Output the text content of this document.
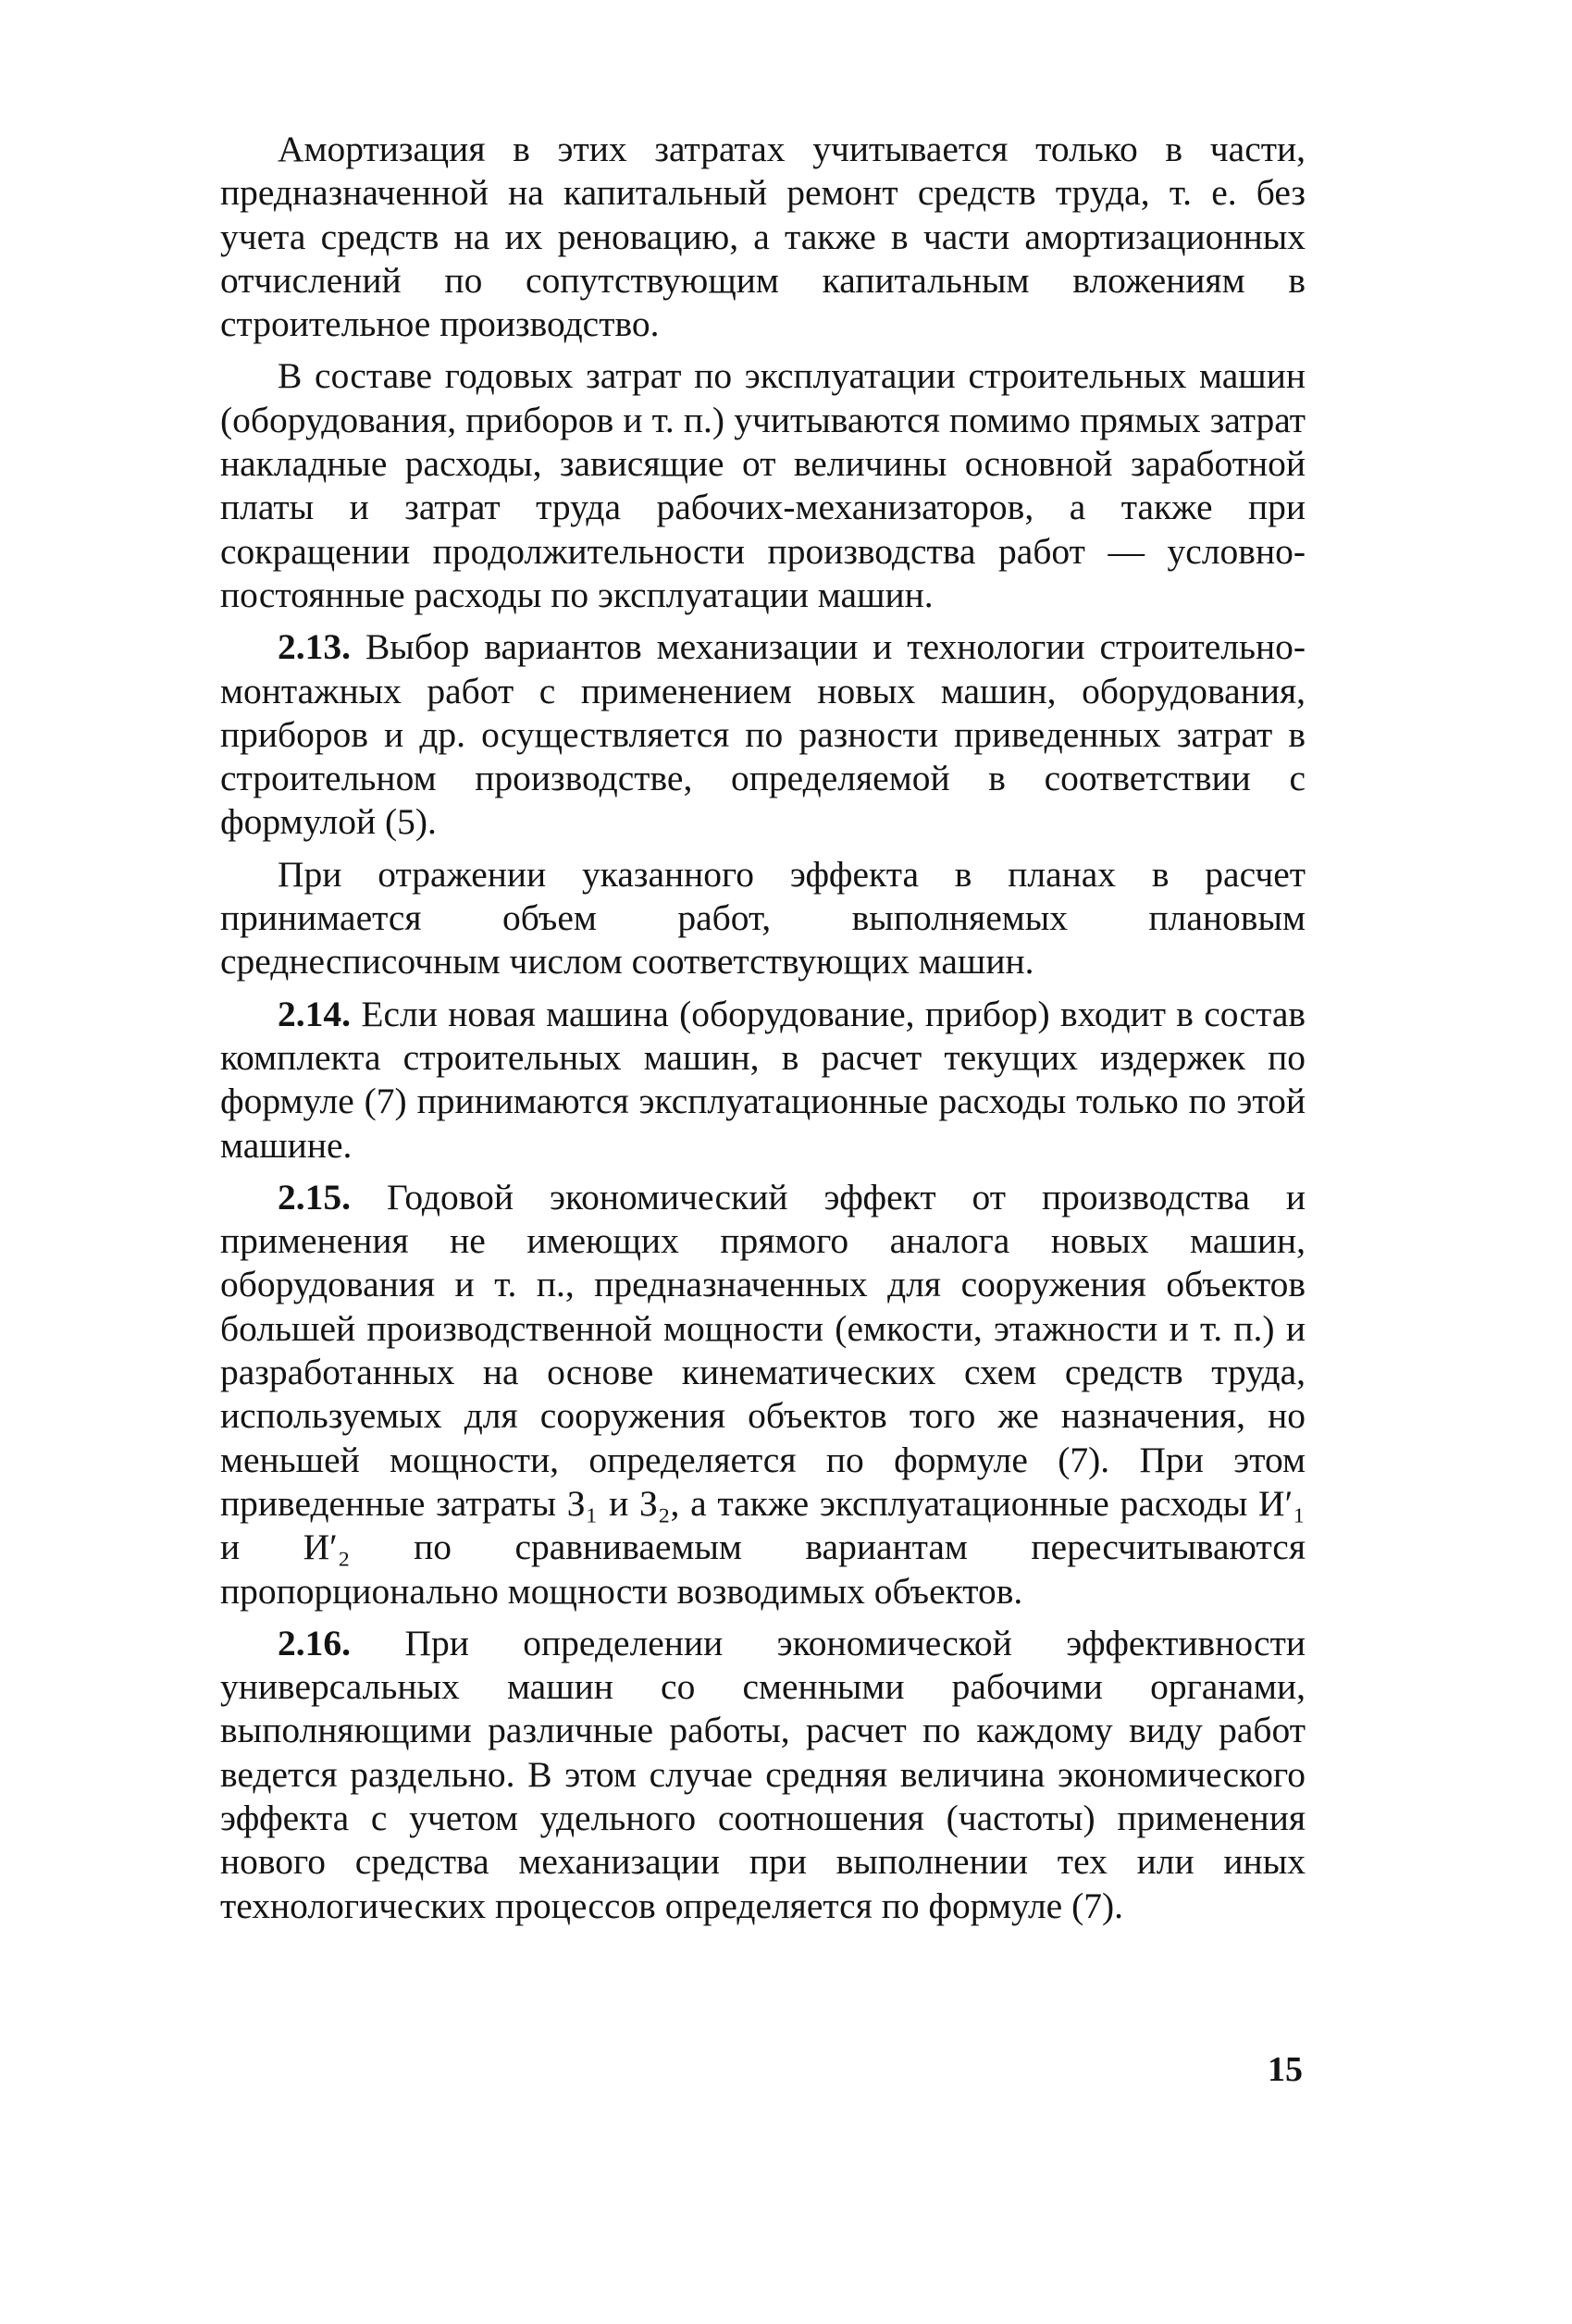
Амортизация в этих затратах учитывается только в части, предназначенной на капитальный ремонт средств труда, т. е. без учета средств на их реновацию, а также в части амортизационных отчислений по сопутствующим капитальным вложениям в строительное производство.

В составе годовых затрат по эксплуатации строительных машин (оборудования, приборов и т. п.) учитываются помимо прямых затрат накладные расходы, зависящие от величины основной заработной платы и затрат труда рабочих-механизаторов, а также при сокращении продолжительности производства работ — условно-постоянные расходы по эксплуатации машин.

2.13. Выбор вариантов механизации и технологии строительно-монтажных работ с применением новых машин, оборудования, приборов и др. осуществляется по разности приведенных затрат в строительном производстве, определяемой в соответствии с формулой (5).

При отражении указанного эффекта в планах в расчет принимается объем работ, выполняемых плановым среднесписочным числом соответствующих машин.

2.14. Если новая машина (оборудование, прибор) входит в состав комплекта строительных машин, в расчет текущих издержек по формуле (7) принимаются эксплуатационные расходы только по этой машине.

2.15. Годовой экономический эффект от производства и применения не имеющих прямого аналога новых машин, оборудования и т. п., предназначенных для сооружения объектов большей производственной мощности (емкости, этажности и т. п.) и разработанных на основе кинематических схем средств труда, используемых для сооружения объектов того же назначения, но меньшей мощности, определяется по формуле (7). При этом приведенные затраты З₁ и З₂, а также эксплуатационные расходы И′₁ и И′₂ по сравниваемым вариантам пересчитываются пропорционально мощности возводимых объектов.

2.16. При определении экономической эффективности универсальных машин со сменными рабочими органами, выполняющими различные работы, расчет по каждому виду работ ведется раздельно. В этом случае средняя величина экономического эффекта с учетом удельного соотношения (частоты) применения нового средства механизации при выполнении тех или иных технологических процессов определяется по формуле (7).

15
